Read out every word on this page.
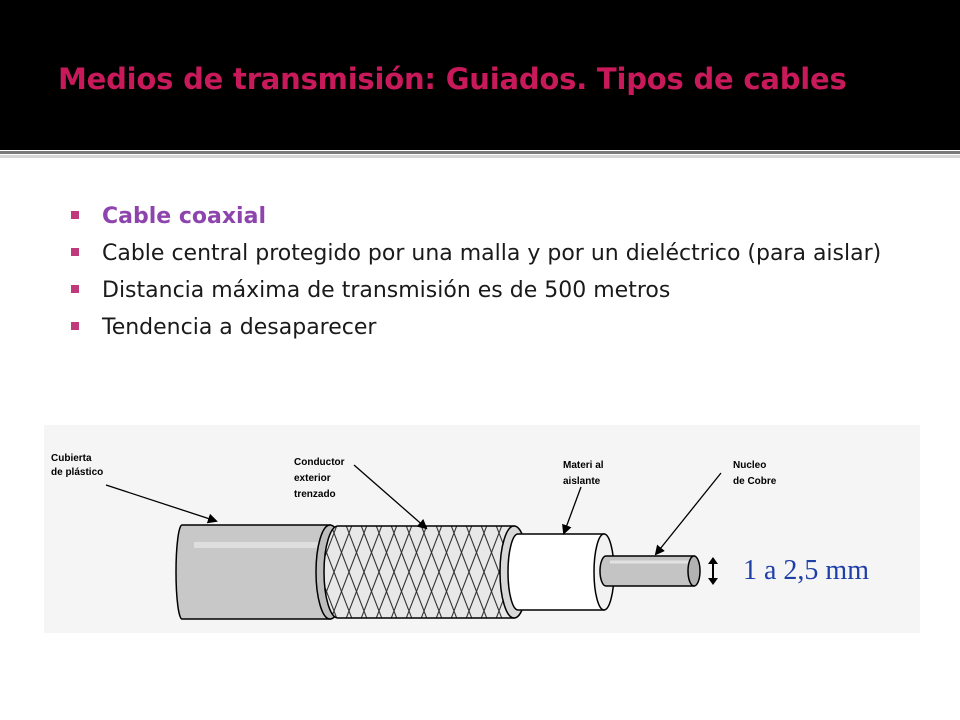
Medios de transmisión: Guiados. Tipos de cables
Cable coaxial
Cable central protegido por una malla y por un dieléctrico (para aislar)
Distancia máxima de transmisión es de 500 metros
Tendencia a desaparecer
Cubierta
de plástico
Conductor
exterior
trenzado
Materi al
aislante
Nucleo
de Cobre
1 a 2,5 mm
